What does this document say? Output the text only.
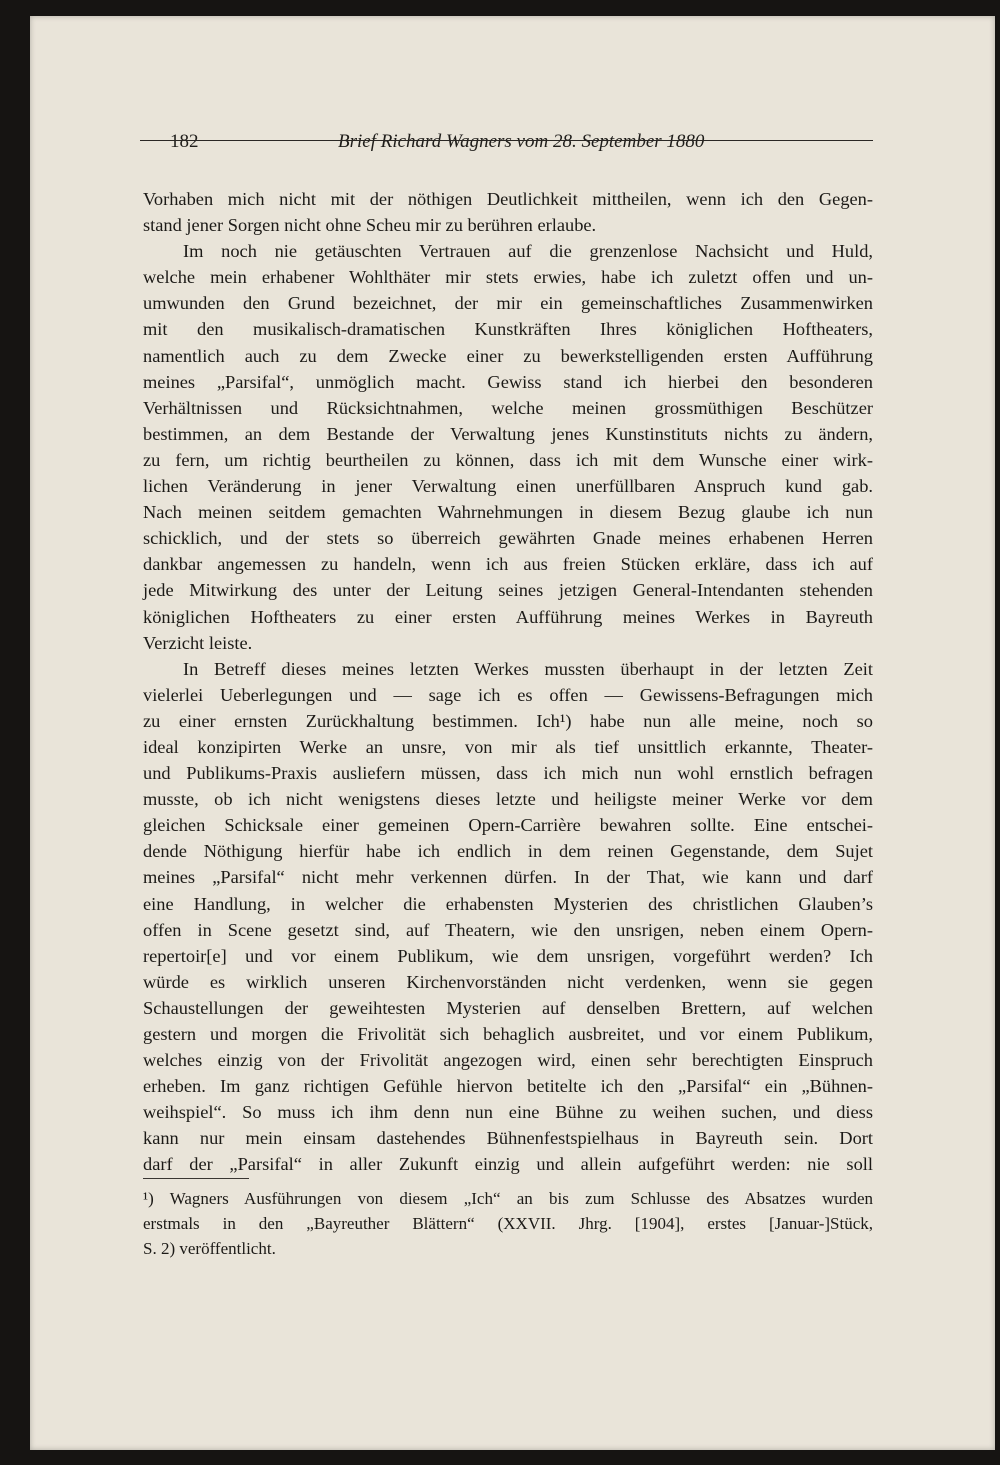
182	Brief Richard Wagners vom 28. September 1880
Vorhaben mich nicht mit der nöthigen Deutlichkeit mittheilen, wenn ich den Gegen-
stand jener Sorgen nicht ohne Scheu mir zu berühren erlaube.
Im noch nie getäuschten Vertrauen auf die grenzenlose Nachsicht und Huld,
welche mein erhabener Wohlthäter mir stets erwies, habe ich zuletzt offen und un-
umwunden den Grund bezeichnet, der mir ein gemeinschaftliches Zusammenwirken
mit den musikalisch-dramatischen Kunstkräften Ihres königlichen Hoftheaters,
namentlich auch zu dem Zwecke einer zu bewerkstelligenden ersten Aufführung
meines „Parsifal“, unmöglich macht. Gewiss stand ich hierbei den besonderen
Verhältnissen und Rücksichtnahmen, welche meinen grossmüthigen Beschützer
bestimmen, an dem Bestande der Verwaltung jenes Kunstinstituts nichts zu ändern,
zu fern, um richtig beurtheilen zu können, dass ich mit dem Wunsche einer wirk-
lichen Veränderung in jener Verwaltung einen unerfüllbaren Anspruch kund gab.
Nach meinen seitdem gemachten Wahrnehmungen in diesem Bezug glaube ich nun
schicklich, und der stets so überreich gewährten Gnade meines erhabenen Herren
dankbar angemessen zu handeln, wenn ich aus freien Stücken erkläre, dass ich auf
jede Mitwirkung des unter der Leitung seines jetzigen General-Intendanten stehenden
königlichen Hoftheaters zu einer ersten Aufführung meines Werkes in Bayreuth
Verzicht leiste.
In Betreff dieses meines letzten Werkes mussten überhaupt in der letzten Zeit
vielerlei Ueberlegungen und — sage ich es offen — Gewissens-Befragungen mich
zu einer ernsten Zurückhaltung bestimmen. Ich¹) habe nun alle meine, noch so
ideal konzipirten Werke an unsre, von mir als tief unsittlich erkannte, Theater-
und Publikums-Praxis ausliefern müssen, dass ich mich nun wohl ernstlich befragen
musste, ob ich nicht wenigstens dieses letzte und heiligste meiner Werke vor dem
gleichen Schicksale einer gemeinen Opern-Carrière bewahren sollte. Eine entschei-
dende Nöthigung hierfür habe ich endlich in dem reinen Gegenstande, dem Sujet
meines „Parsifal“ nicht mehr verkennen dürfen. In der That, wie kann und darf
eine Handlung, in welcher die erhabensten Mysterien des christlichen Glauben’s
offen in Scene gesetzt sind, auf Theatern, wie den unsrigen, neben einem Opern-
repertoir[e] und vor einem Publikum, wie dem unsrigen, vorgeführt werden? Ich
würde es wirklich unseren Kirchenvorständen nicht verdenken, wenn sie gegen
Schaustellungen der geweihtesten Mysterien auf denselben Brettern, auf welchen
gestern und morgen die Frivolität sich behaglich ausbreitet, und vor einem Publikum,
welches einzig von der Frivolität angezogen wird, einen sehr berechtigten Einspruch
erheben. Im ganz richtigen Gefühle hiervon betitelte ich den „Parsifal“ ein „Bühnen-
weihspiel“. So muss ich ihm denn nun eine Bühne zu weihen suchen, und diess
kann nur mein einsam dastehendes Bühnenfestspielhaus in Bayreuth sein. Dort
darf der „Parsifal“ in aller Zukunft einzig und allein aufgeführt werden: nie soll
¹) Wagners Ausführungen von diesem „Ich“ an bis zum Schlusse des Absatzes wurden
erstmals in den „Bayreuther Blättern“ (XXVII. Jhrg. [1904], erstes [Januar-]Stück,
S. 2) veröffentlicht.
